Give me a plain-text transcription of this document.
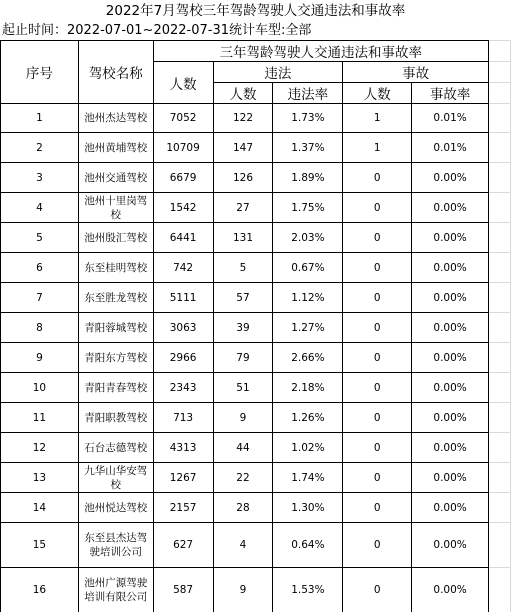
2022年7月驾校三年驾龄驾驶人交通违法和事故率
起止时间：2022-07-01~2022-07-31统计车型:全部
序号	驾校名称	三年驾龄驾驶人交通违法和事故率					
		人数	违法		事故		
			人数	违法率	人数	事故率	
1	池州杰达驾校	7052	122	1.73%	1	0.01%	
2	池州黄埔驾校	10709	147	1.37%	1	0.01%	
3	池州交通驾校	6679	126	1.89%	0	0.00%	
4	池州十里岗驾校	1542	27	1.75%	0	0.00%	
5	池州殷汇驾校	6441	131	2.03%	0	0.00%	
6	东至桂明驾校	742	5	0.67%	0	0.00%	
7	东至胜龙驾校	5111	57	1.12%	0	0.00%	
8	青阳蓉城驾校	3063	39	1.27%	0	0.00%	
9	青阳东方驾校	2966	79	2.66%	0	0.00%	
10	青阳青春驾校	2343	51	2.18%	0	0.00%	
11	青阳职教驾校	713	9	1.26%	0	0.00%	
12	石台志德驾校	4313	44	1.02%	0	0.00%	
13	九华山华安驾校	1267	22	1.74%	0	0.00%	
14	池州悦达驾校	2157	28	1.30%	0	0.00%	
15	东至县杰达驾驶培训公司	627	4	0.64%	0	0.00%	
16	池州广源驾驶培训有限公司	587	9	1.53%	0	0.00%	
